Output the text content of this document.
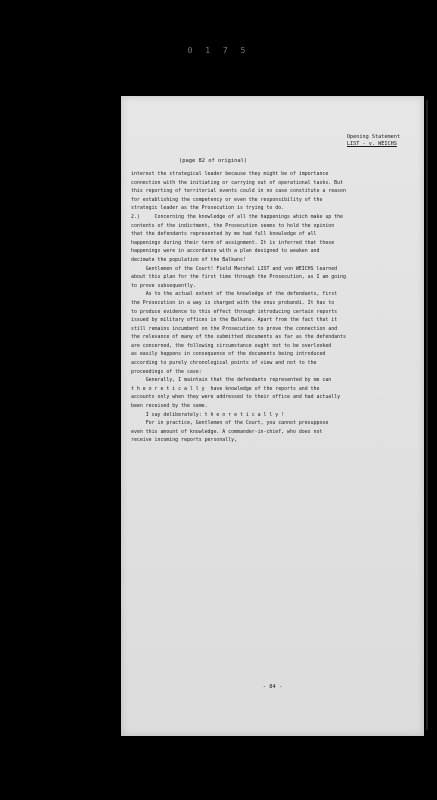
0 1 7 5
Opening Statement
LIST - v. WEICHS
(page 82 of original)

interest the strategical leader because they might be of importance

connection with the initiating or carrying out of operational tasks. But

this reporting of territorial events could in no case constitute a reason

for establishing the competency or even the responsibility of the

strategic leader as the Prosecution is trying to do.

2.)     Concerning the knowledge of all the happenings which make up the

contents of the indictment, the Prosecution seems to hold the opinion

that the defendants represented by me had full knowledge of all

happenings during their term of assignment. It is inferred that these

happenings were in accordance with a plan designed to weaken and

decimate the population of the Balkans!

Gentlemen of the Court! Field Marshal LIST and von WEICHS learned

about this plan for the first time through the Prosecution, as I am going

to prove subsequently.

As to the actual extent of the knowledge of the defendants, first

the Prosecution in a way is charged with the onus probandi. It has to

to produce evidence to this effect through introducing certain reports

issued by military offices in the Balkans. Apart from the fact that it

still remains incumbent on the Prosecution to prove the connection and

the relevance of many of the submitted documents as far as the defendants

are concerned, the following circumstance ought not to be overlooked

as easily happens in consequence of the documents being introduced

according to purely chronological points of view and not to the

proceedings of the case:

Generally, I maintain that the defendants represented by me can

t h e o r e t i c a l l y  have knowledge of the reports and the

accounts only when they were addressed to their office and had actually

been received by the same.

I say deliberately: t h e o r e t i c a l l y !

For in practice, Gentlemen of the Court, you cannot presuppose

even this amount of knowledge. A commander-in-chief, who does not

receive incoming reports personally,

- 84 -
